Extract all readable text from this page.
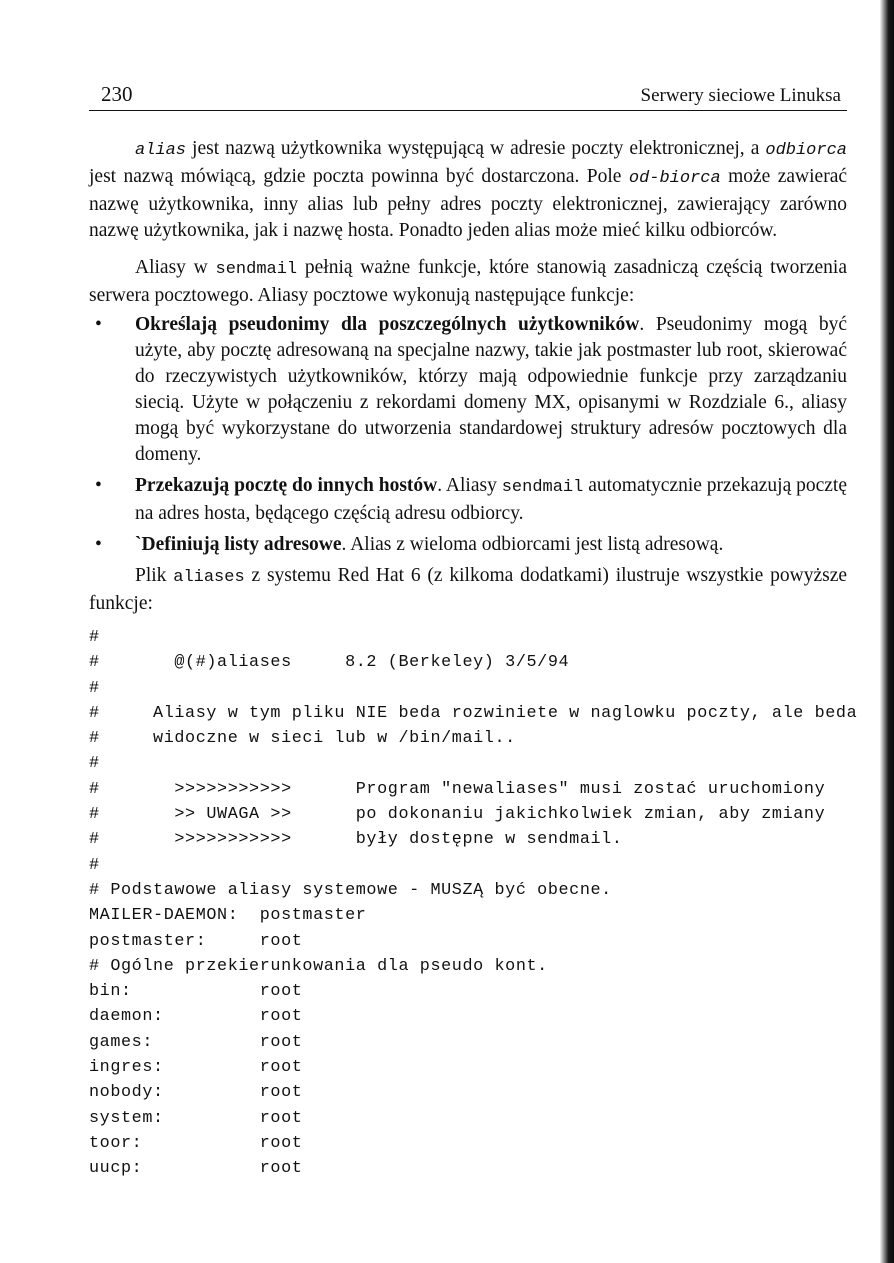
230	Serwery sieciowe Linuksa

alias jest nazwą użytkownika występującą w adresie poczty elektronicznej, a odbiorca jest nazwą mówiącą, gdzie poczta powinna być dostarczona. Pole od-biorca może zawierać nazwę użytkownika, inny alias lub pełny adres poczty elektronicznej, zawierający zarówno nazwę użytkownika, jak i nazwę hosta. Ponadto jeden alias może mieć kilku odbiorców.

Aliasy w sendmail pełnią ważne funkcje, które stanowią zasadniczą częścią tworzenia serwera pocztowego. Aliasy pocztowe wykonują następujące funkcje:

• Określają pseudonimy dla poszczególnych użytkowników. Pseudonimy mogą być użyte, aby pocztę adresowaną na specjalne nazwy, takie jak postmaster lub root, skierować do rzeczywistych użytkowników, którzy mają odpowiednie funkcje przy zarządzaniu siecią. Użyte w połączeniu z rekordami domeny MX, opisanymi w Rozdziale 6., aliasy mogą być wykorzystane do utworzenia standardowej struktury adresów pocztowych dla domeny.
• Przekazują pocztę do innych hostów. Aliasy sendmail automatycznie przekazują pocztę na adres hosta, będącego częścią adresu odbiorcy.
• `Definiują listy adresowe. Alias z wieloma odbiorcami jest listą adresową.

Plik aliases z systemu Red Hat 6 (z kilkoma dodatkami) ilustruje wszystkie powyższe funkcje:

#
#       @(#)aliases     8.2 (Berkeley) 3/5/94
#
#     Aliasy w tym pliku NIE beda rozwiniete w naglowku poczty, ale beda
#     widoczne w sieci lub w /bin/mail..
#
#       >>>>>>>>>>>      Program "newaliases" musi zostać uruchomiony
#       >> UWAGA >>      po dokonaniu jakichkolwiek zmian, aby zmiany
#       >>>>>>>>>>>      były dostępne w sendmail.
#
# Podstawowe aliasy systemowe - MUSZĄ być obecne.
MAILER-DAEMON:  postmaster
postmaster:     root
# Ogólne przekierunkowania dla pseudo kont.
bin:            root
daemon:         root
games:          root
ingres:         root
nobody:         root
system:         root
toor:           root
uucp:           root
